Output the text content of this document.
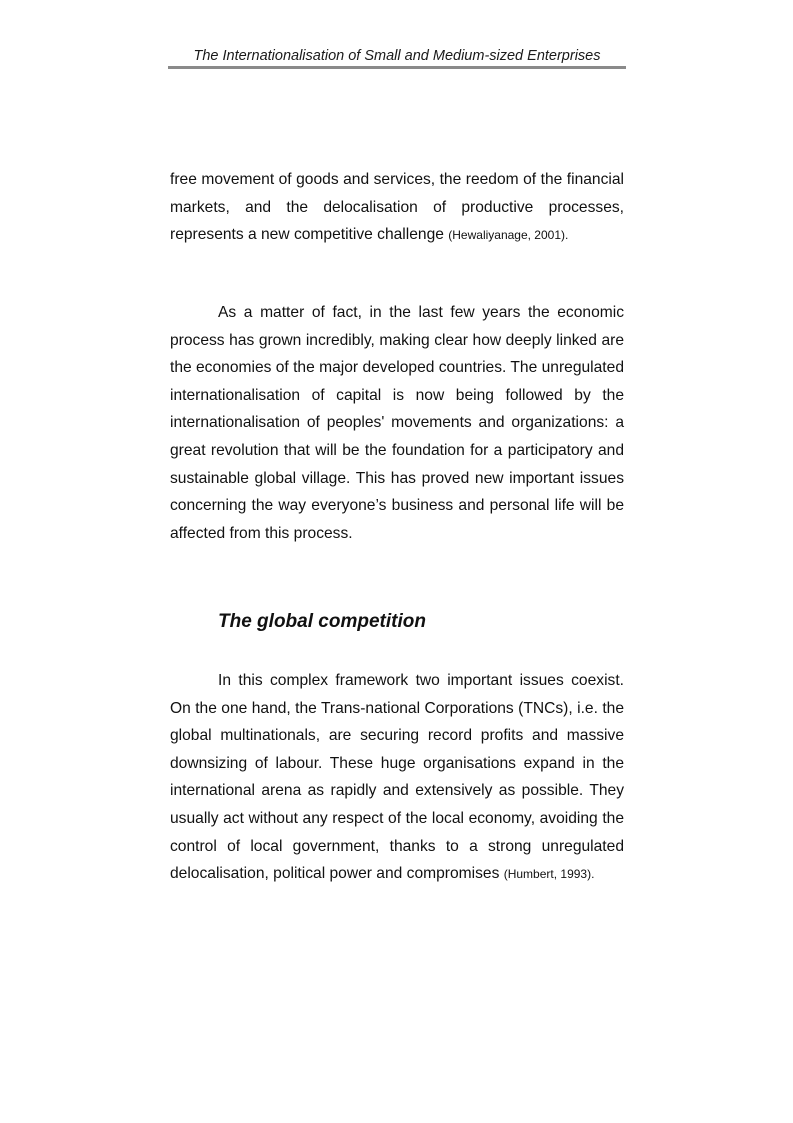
The Internationalisation of Small and Medium-sized Enterprises

free movement of goods and services, the reedom of the financial markets, and the delocalisation of productive processes, represents a new competitive challenge (Hewaliyanage, 2001).

As a matter of fact, in the last few years the economic process has grown incredibly, making clear how deeply linked are the economies of the major developed countries. The unregulated internationalisation of capital is now being followed by the internationalisation of peoples' movements and organizations: a great revolution that will be the foundation for a participatory and sustainable global village. This has proved new important issues concerning the way everyone’s business and personal life will be affected from this process.

The global competition

In this complex framework two important issues coexist. On the one hand, the Trans-national Corporations (TNCs), i.e. the global multinationals, are securing record profits and massive downsizing of labour. These huge organisations expand in the international arena as rapidly and extensively as possible. They usually act without any respect of the local economy, avoiding the control of local government, thanks to a strong unregulated delocalisation, political power and compromises (Humbert, 1993).
